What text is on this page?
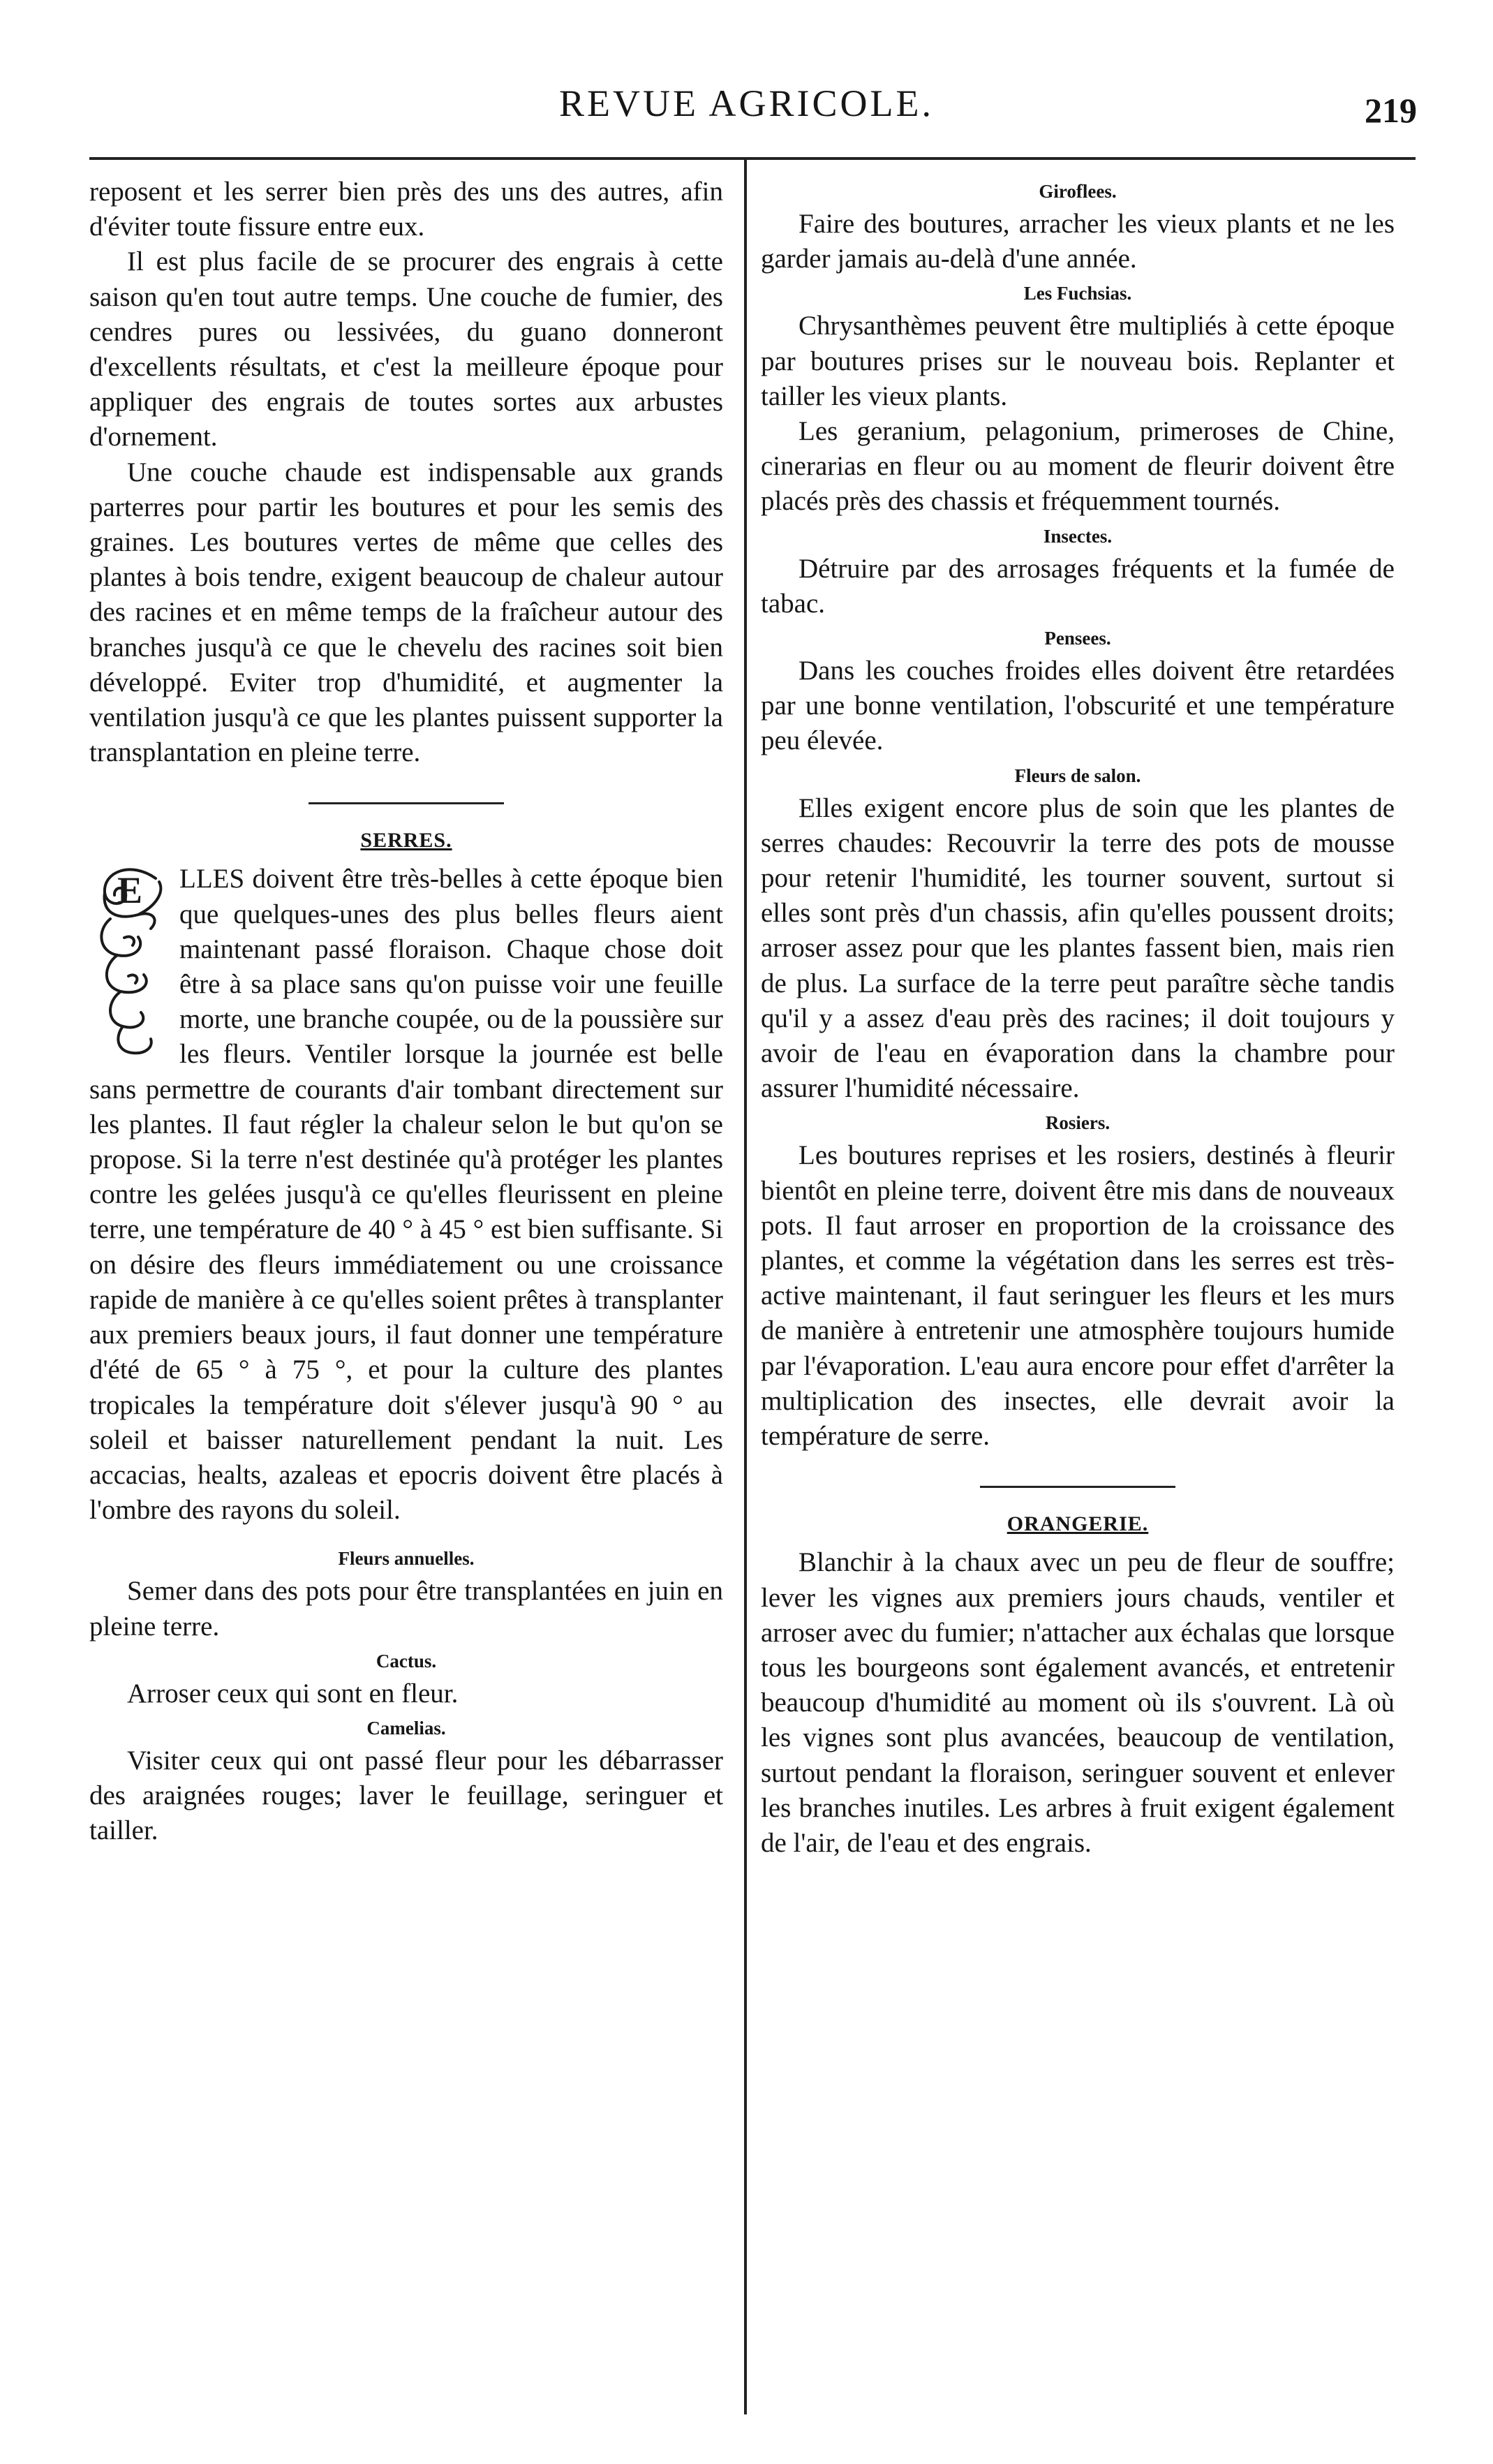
REVUE AGRICOLE.	219

reposent et les serrer bien près des uns des autres, afin d'éviter toute fissure entre eux.

Il est plus facile de se procurer des engrais à cette saison qu'en tout autre temps. Une couche de fumier, des cendres pures ou lessivées, du guano donneront d'excellents résultats, et c'est la meilleure époque pour appliquer des engrais de toutes sortes aux arbustes d'ornement.

Une couche chaude est indispensable aux grands parterres pour partir les boutures et pour les semis des graines. Les boutures vertes de même que celles des plantes à bois tendre, exigent beaucoup de chaleur autour des racines et en même temps de la fraîcheur autour des branches jusqu'à ce que le chevelu des racines soit bien développé. Eviter trop d'humidité, et augmenter la ventilation jusqu'à ce que les plantes puissent supporter la transplantation en pleine terre.

SERRES.
E	LLES doivent être très-belles à cette époque bien que quelques-unes des plus belles fleurs aient maintenant passé floraison. Chaque chose doit être à sa place sans qu'on puisse voir une feuille morte, une branche coupée, ou de la poussière sur les fleurs. Ventiler lorsque la journée est belle sans permettre de courants d'air tombant directement sur les plantes. Il faut régler la chaleur selon le but qu'on se propose. Si la terre n'est destinée qu'à protéger les plantes contre les gelées jusqu'à ce qu'elles fleurissent en pleine terre, une température de 40 ° à 45 ° est bien suffisante. Si on désire des fleurs immédiatement ou une croissance rapide de manière à ce qu'elles soient prêtes à transplanter aux premiers beaux jours, il faut donner une température d'été de 65 ° à 75 °, et pour la culture des plantes tropicales la température doit s'élever jusqu'à 90 ° au soleil et baisser naturellement pendant la nuit. Les accacias, healts, azaleas et epocris doivent être placés à l'ombre des rayons du soleil.

Fleurs annuelles.

Semer dans des pots pour être transplantées en juin en pleine terre.

Cactus.

Arroser ceux qui sont en fleur.

Camelias.

Visiter ceux qui ont passé fleur pour les débarrasser des araignées rouges; laver le feuillage, seringuer et tailler.

Giroflees.

Faire des boutures, arracher les vieux plants et ne les garder jamais au-delà d'une année.

Les Fuchsias.

Chrysanthèmes peuvent être multipliés à cette époque par boutures prises sur le nouveau bois. Replanter et tailler les vieux plants.

Les geranium, pelagonium, primeroses de Chine, cinerarias en fleur ou au moment de fleurir doivent être placés près des chassis et fréquemment tournés.

Insectes.

Détruire par des arrosages fréquents et la fumée de tabac.

Pensees.

Dans les couches froides elles doivent être retardées par une bonne ventilation, l'obscurité et une température peu élevée.

Fleurs de salon.

Elles exigent encore plus de soin que les plantes de serres chaudes: Recouvrir la terre des pots de mousse pour retenir l'humidité, les tourner souvent, surtout si elles sont près d'un chassis, afin qu'elles poussent droits; arroser assez pour que les plantes fassent bien, mais rien de plus. La surface de la terre peut paraître sèche tandis qu'il y a assez d'eau près des racines; il doit toujours y avoir de l'eau en évaporation dans la chambre pour assurer l'humidité nécessaire.

Rosiers.

Les boutures reprises et les rosiers, destinés à fleurir bientôt en pleine terre, doivent être mis dans de nouveaux pots. Il faut arroser en proportion de la croissance des plantes, et comme la végétation dans les serres est très-active maintenant, il faut seringuer les fleurs et les murs de manière à entretenir une atmosphère toujours humide par l'évaporation. L'eau aura encore pour effet d'arrêter la multiplication des insectes, elle devrait avoir la température de serre.

ORANGERIE.

Blanchir à la chaux avec un peu de fleur de souffre; lever les vignes aux premiers jours chauds, ventiler et arroser avec du fumier; n'attacher aux échalas que lorsque tous les bourgeons sont également avancés, et entretenir beaucoup d'humidité au moment où ils s'ouvrent. Là où les vignes sont plus avancées, beaucoup de ventilation, surtout pendant la floraison, seringuer souvent et enlever les branches inutiles. Les arbres à fruit exigent également de l'air, de l'eau et des engrais.
